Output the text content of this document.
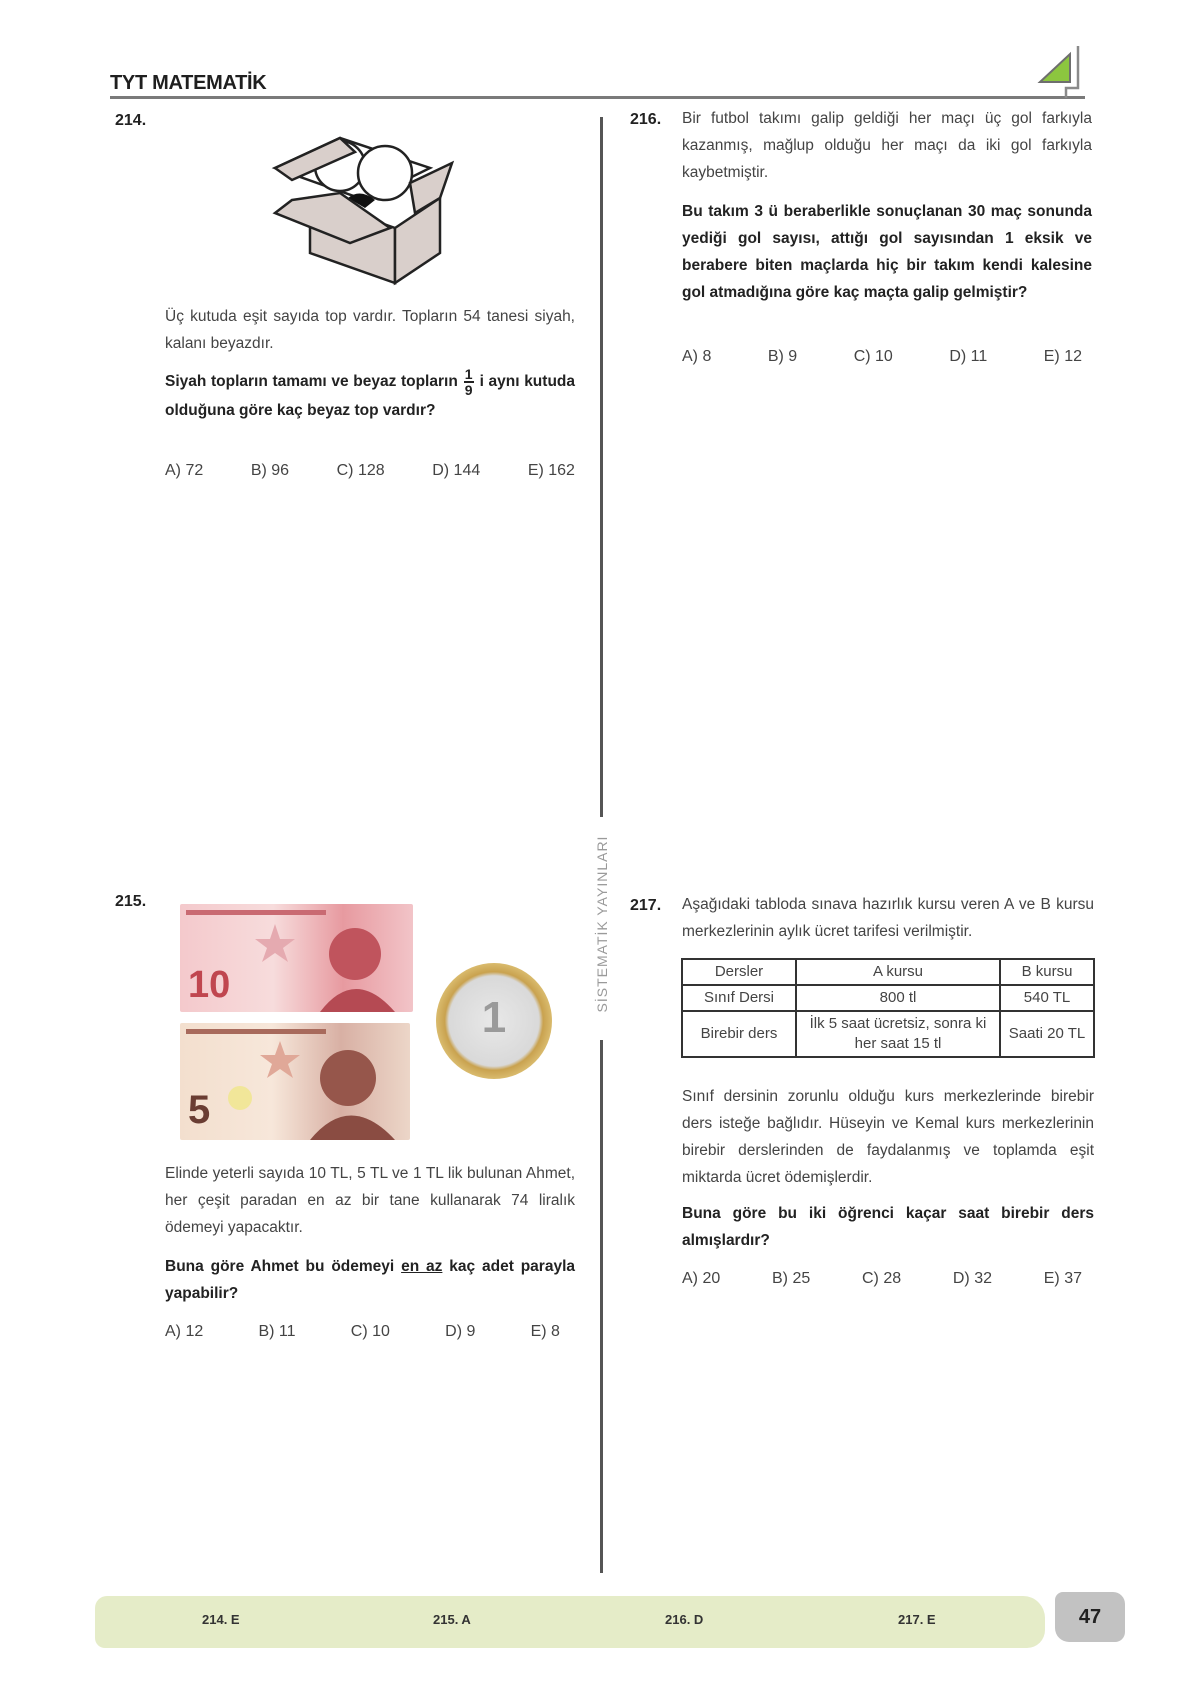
TYT MATEMATİK
SİSTEMATİK YAYINLARI
214.
Üç kutuda eşit sayıda top vardır. Topların 54 tanesi siyah, kalanı beyazdır.
Siyah topların tamamı ve beyaz topların $\frac{1}{9}$ i aynı kutuda olduğuna göre kaç beyaz top vardır?
A) 72	B) 96	C) 128	D) 144	E) 162
215.
10
5
1
Elinde yeterli sayıda 10 TL, 5 TL ve 1 TL lik bulunan Ahmet, her çeşit paradan en az bir tane kullanarak 74 liralık ödemeyi yapacaktır.
Buna göre Ahmet bu ödemeyi en az kaç adet parayla yapabilir?
A) 12	B) 11	C) 10	D) 9	E) 8
216. Bir futbol takımı galip geldiği her maçı üç gol farkıyla kazanmış, mağlup olduğu her maçı da iki gol farkıyla kaybetmiştir.
Bu takım 3 ü beraberlikle sonuçlanan 30 maç sonunda yediği gol sayısı, attığı gol sayısından 1 eksik ve berabere biten maçlarda hiç bir takım kendi kalesine gol atmadığına göre kaç maçta galip gelmiştir?
A) 8	B) 9	C) 10	D) 11	E) 12
217. Aşağıdaki tabloda sınava hazırlık kursu veren A ve B kursu merkezlerinin aylık ücret tarifesi verilmiştir.
Dersler	A kursu	B kursu
Sınıf Dersi	800 tl	540 TL
Birebir ders	İlk 5 saat ücretsiz, sonra ki her saat 15 tl	Saati 20 TL
Sınıf dersinin zorunlu olduğu kurs merkezlerinde birebir ders isteğe bağlıdır. Hüseyin ve Kemal kurs merkezlerinin birebir derslerinden de faydalanmış ve toplamda eşit miktarda ücret ödemişlerdir.
Buna göre bu iki öğrenci kaçar saat birebir ders almışlardır?
A) 20	B) 25	C) 28	D) 32	E) 37
214. E	215. A	216. D	217. E	47
